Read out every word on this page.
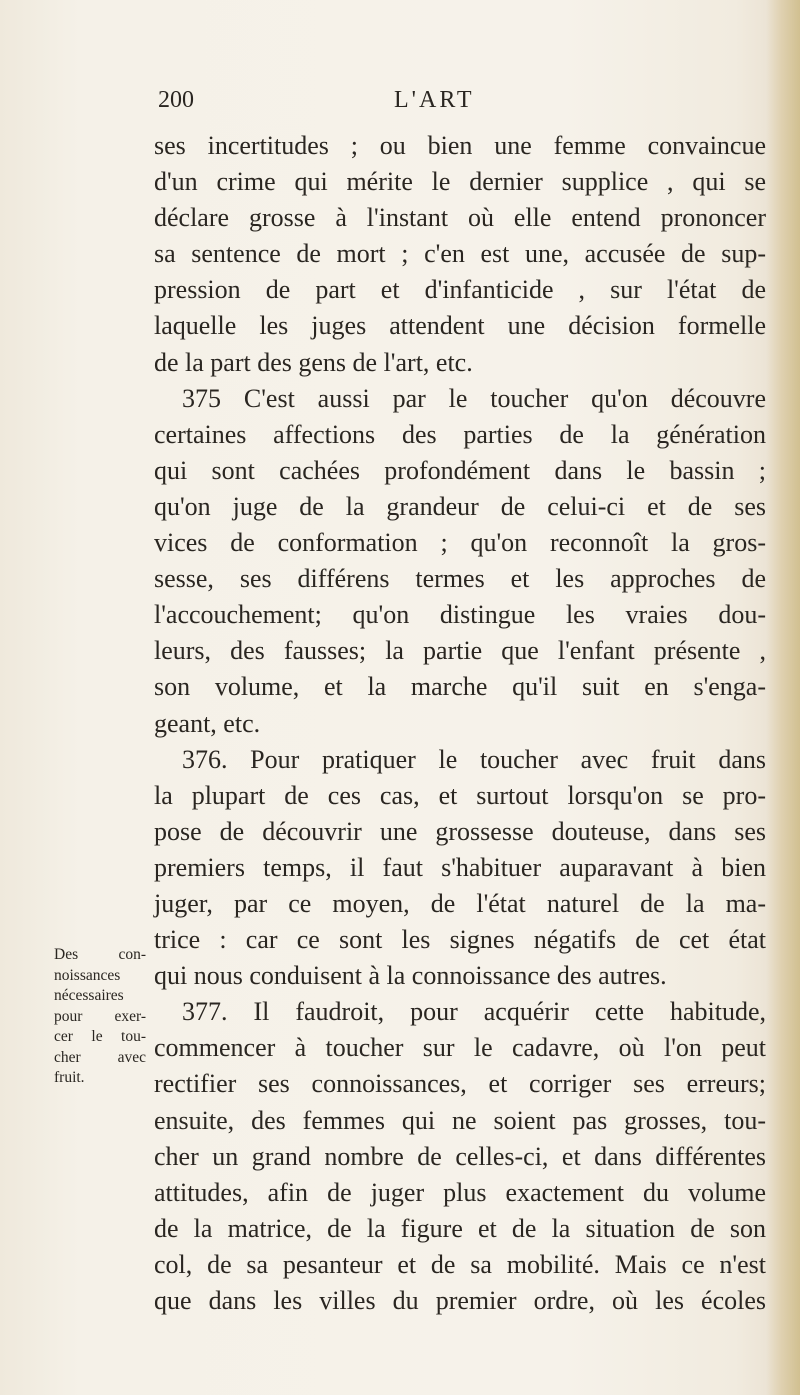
200	L'ART
Des con-
noissances
nécessaires
pour exer-
cer le tou-
cher avec
fruit.
ses incertitudes ; ou bien une femme convaincue
d'un crime qui mérite le dernier supplice , qui se
déclare grosse à l'instant où elle entend prononcer
sa sentence de mort ; c'en est une, accusée de sup-
pression de part et d'infanticide , sur l'état de
laquelle les juges attendent une décision formelle
de la part des gens de l'art, etc.
375 C'est aussi par le toucher qu'on découvre
certaines affections des parties de la génération
qui sont cachées profondément dans le bassin ;
qu'on juge de la grandeur de celui-ci et de ses
vices de conformation ; qu'on reconnoît la gros-
sesse, ses différens termes et les approches de
l'accouchement; qu'on distingue les vraies dou-
leurs, des fausses; la partie que l'enfant présente ,
son volume, et la marche qu'il suit en s'enga-
geant, etc.
376. Pour pratiquer le toucher avec fruit dans
la plupart de ces cas, et surtout lorsqu'on se pro-
pose de découvrir une grossesse douteuse, dans ses
premiers temps, il faut s'habituer auparavant à bien
juger, par ce moyen, de l'état naturel de la ma-
trice : car ce sont les signes négatifs de cet état
qui nous conduisent à la connoissance des autres.
377. Il faudroit, pour acquérir cette habitude,
commencer à toucher sur le cadavre, où l'on peut
rectifier ses connoissances, et corriger ses erreurs;
ensuite, des femmes qui ne soient pas grosses, tou-
cher un grand nombre de celles-ci, et dans différentes
attitudes, afin de juger plus exactement du volume
de la matrice, de la figure et de la situation de son
col, de sa pesanteur et de sa mobilité. Mais ce n'est
que dans les villes du premier ordre, où les écoles
